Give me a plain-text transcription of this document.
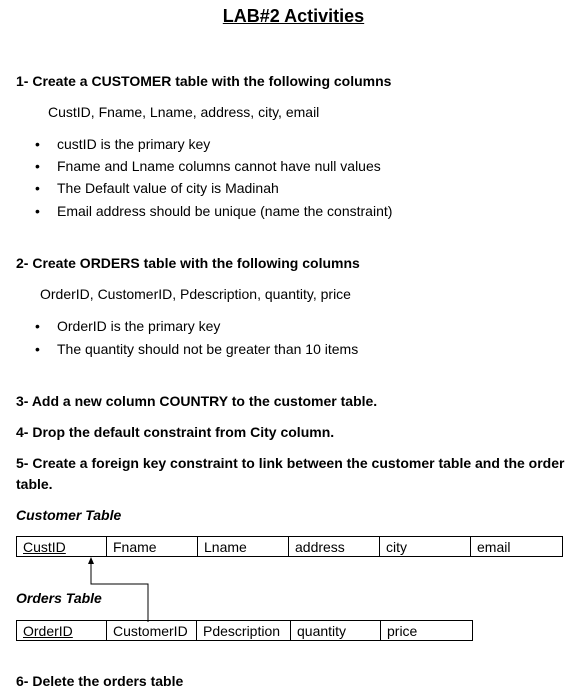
LAB#2 Activities
1- Create a CUSTOMER table with the following columns
CustID, Fname, Lname, address, city, email
• custID is the primary key
• Fname and Lname columns cannot have null values
• The Default value of city is Madinah
• Email address should be unique (name the constraint)
2- Create ORDERS table with the following columns
OrderID, CustomerID, Pdescription, quantity, price
• OrderID is the primary key
• The quantity should not be greater than 10 items
3- Add a new column COUNTRY to the customer table.
4- Drop the default constraint from City column.
5- Create a foreign key constraint to link between the customer table and the order table.
Customer Table
CustID	Fname	Lname	address	city	email
Orders Table
OrderID	CustomerID	Pdescription	quantity	price
6- Delete the orders table
